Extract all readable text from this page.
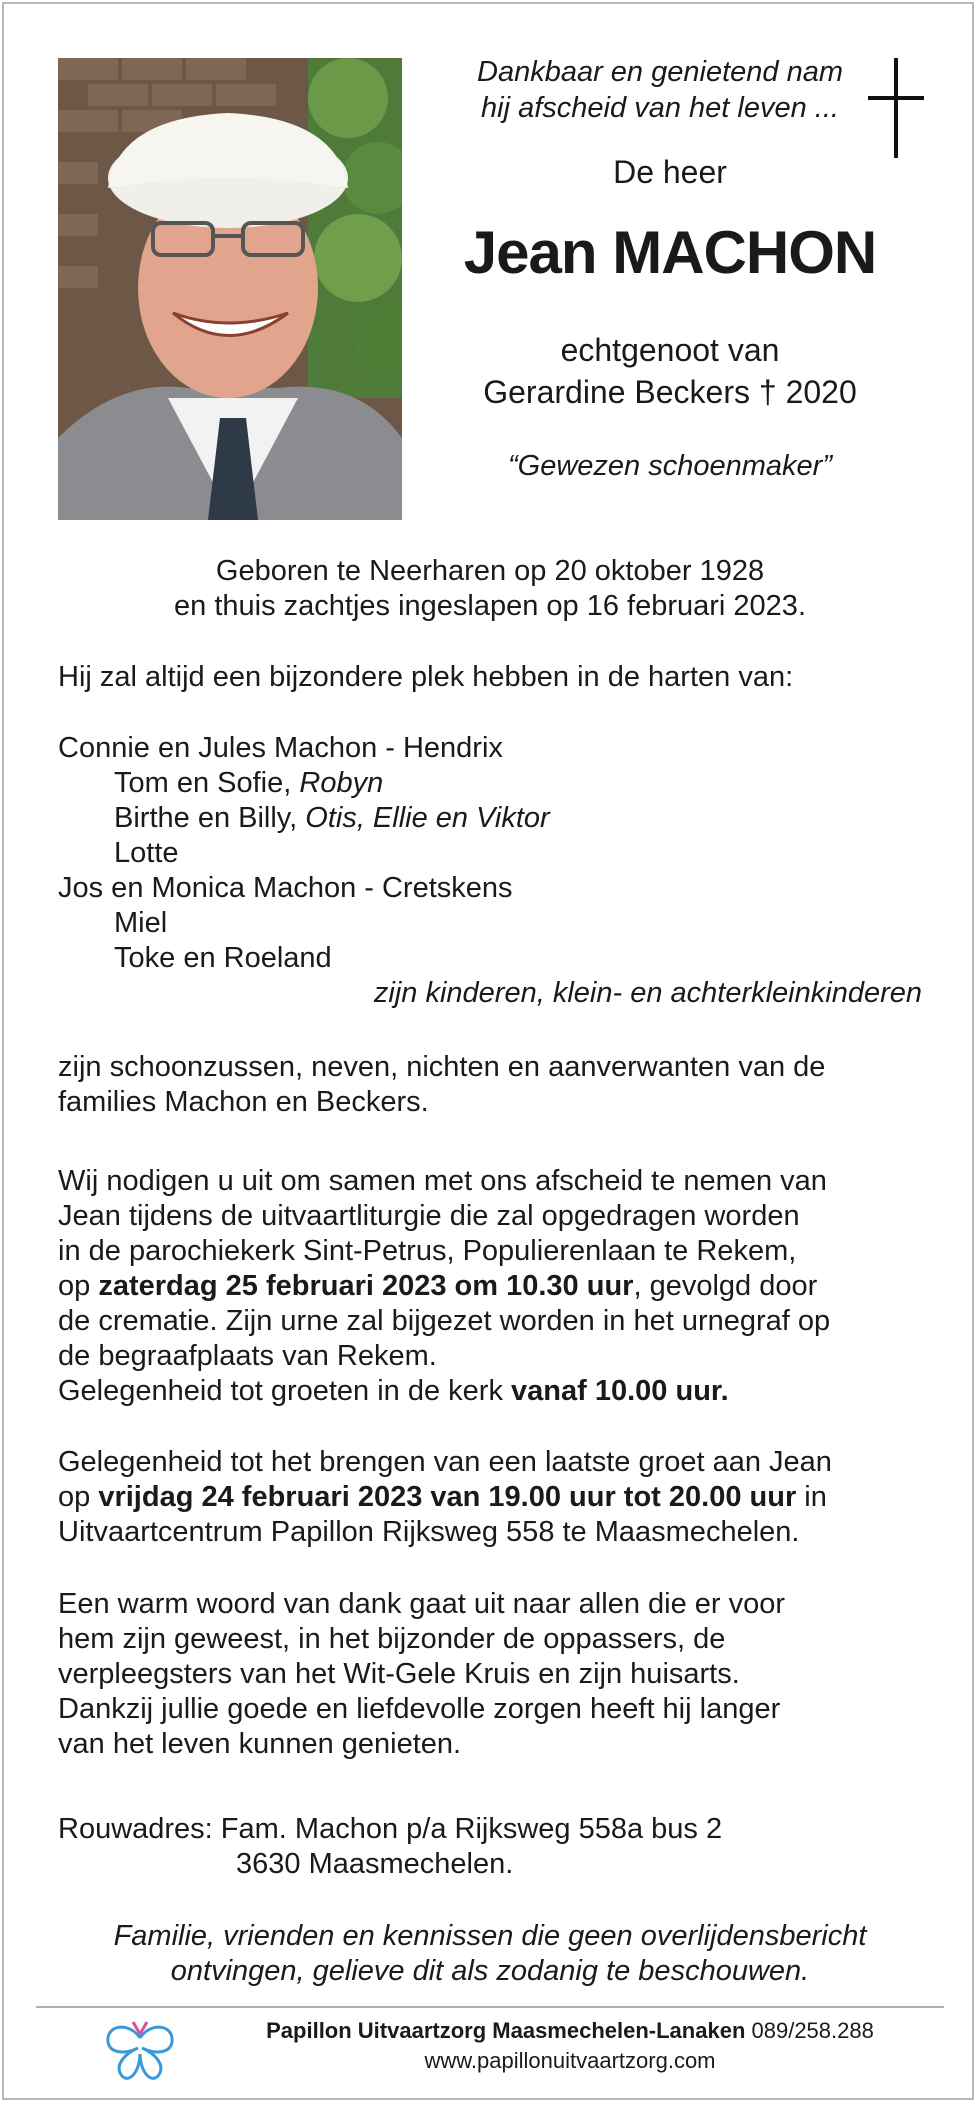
Dankbaar en genietend nam
hij afscheid van het leven ...
De heer
Jean MACHON
echtgenoot van
Gerardine Beckers † 2020
“Gewezen schoenmaker”
Geboren te Neerharen op 20 oktober 1928
en thuis zachtjes ingeslapen op 16 februari 2023.
Hij zal altijd een bijzondere plek hebben in de harten van:
Connie en Jules Machon - Hendrix
Tom en Sofie, Robyn
Birthe en Billy, Otis, Ellie en Viktor
Lotte
Jos en Monica Machon - Cretskens
Miel
Toke en Roeland
zijn kinderen, klein- en achterkleinkinderen
zijn schoonzussen, neven, nichten en aanverwanten van de
families Machon en Beckers.
Wij nodigen u uit om samen met ons afscheid te nemen van
Jean tijdens de uitvaartliturgie die zal opgedragen worden
in de parochiekerk Sint-Petrus, Populierenlaan te Rekem,
op zaterdag 25 februari 2023 om 10.30 uur, gevolgd door
de crematie. Zijn urne zal bijgezet worden in het urnegraf op
de begraafplaats van Rekem.
Gelegenheid tot groeten in de kerk vanaf 10.00 uur.
Gelegenheid tot het brengen van een laatste groet aan Jean
op vrijdag 24 februari 2023 van 19.00 uur tot 20.00 uur in
Uitvaartcentrum Papillon Rijksweg 558 te Maasmechelen.
Een warm woord van dank gaat uit naar allen die er voor
hem zijn geweest, in het bijzonder de oppassers, de
verpleegsters van het Wit-Gele Kruis en zijn huisarts.
Dankzij jullie goede en liefdevolle zorgen heeft hij langer
van het leven kunnen genieten.
Rouwadres: Fam. Machon p/a Rijksweg 558a bus 2
3630 Maasmechelen.
Familie, vrienden en kennissen die geen overlijdensbericht
ontvingen, gelieve dit als zodanig te beschouwen.
Papillon Uitvaartzorg Maasmechelen-Lanaken 089/258.288
www.papillonuitvaartzorg.com
